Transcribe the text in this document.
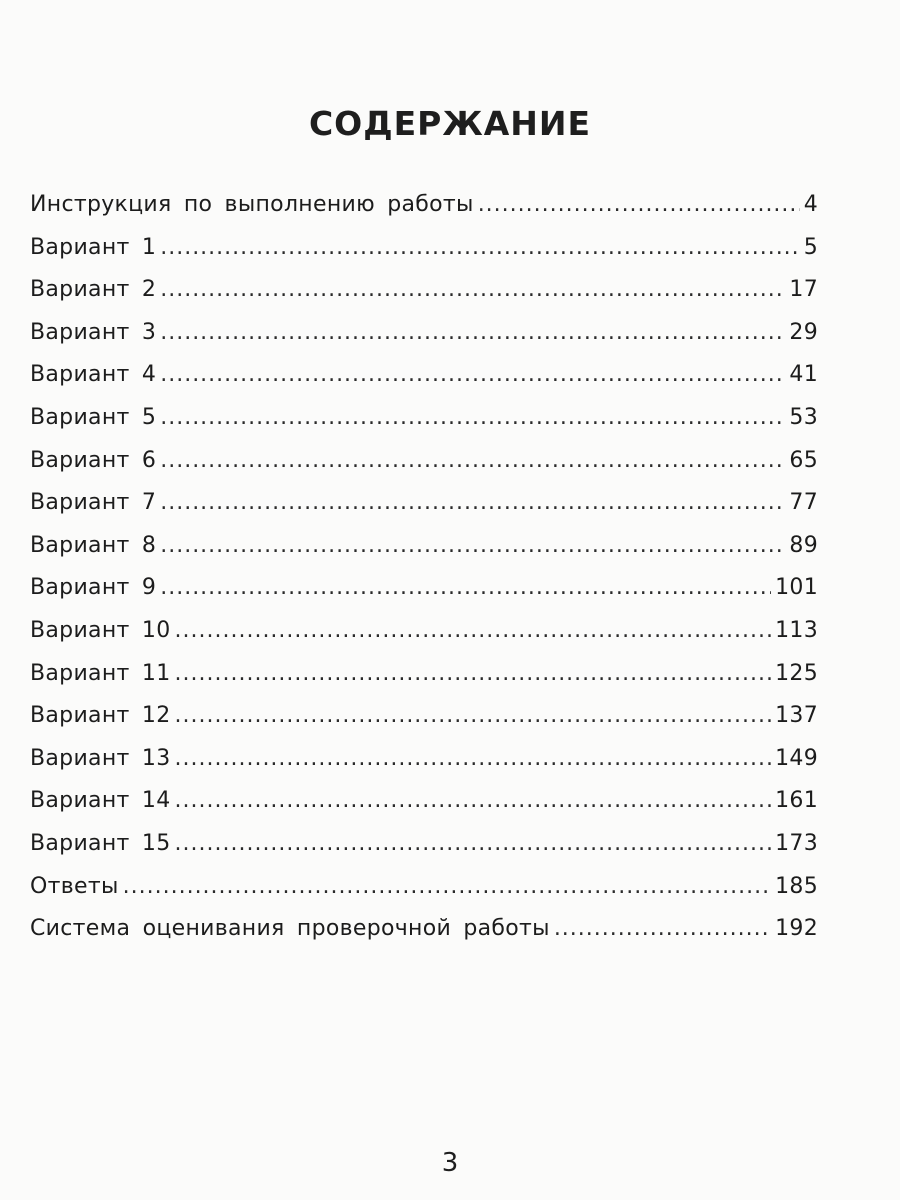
СОДЕРЖАНИЕ
Инструкция по выполнению работы .....	4
Вариант 1 .....	5
Вариант 2 .....	17
Вариант 3 .....	29
Вариант 4 .....	41
Вариант 5 .....	53
Вариант 6 .....	65
Вариант 7 .....	77
Вариант 8 .....	89
Вариант 9 .....	101
Вариант 10 .....	113
Вариант 11 .....	125
Вариант 12 .....	137
Вариант 13 .....	149
Вариант 14 .....	161
Вариант 15 .....	173
Ответы .....	185
Система оценивания проверочной работы .....	192
3
